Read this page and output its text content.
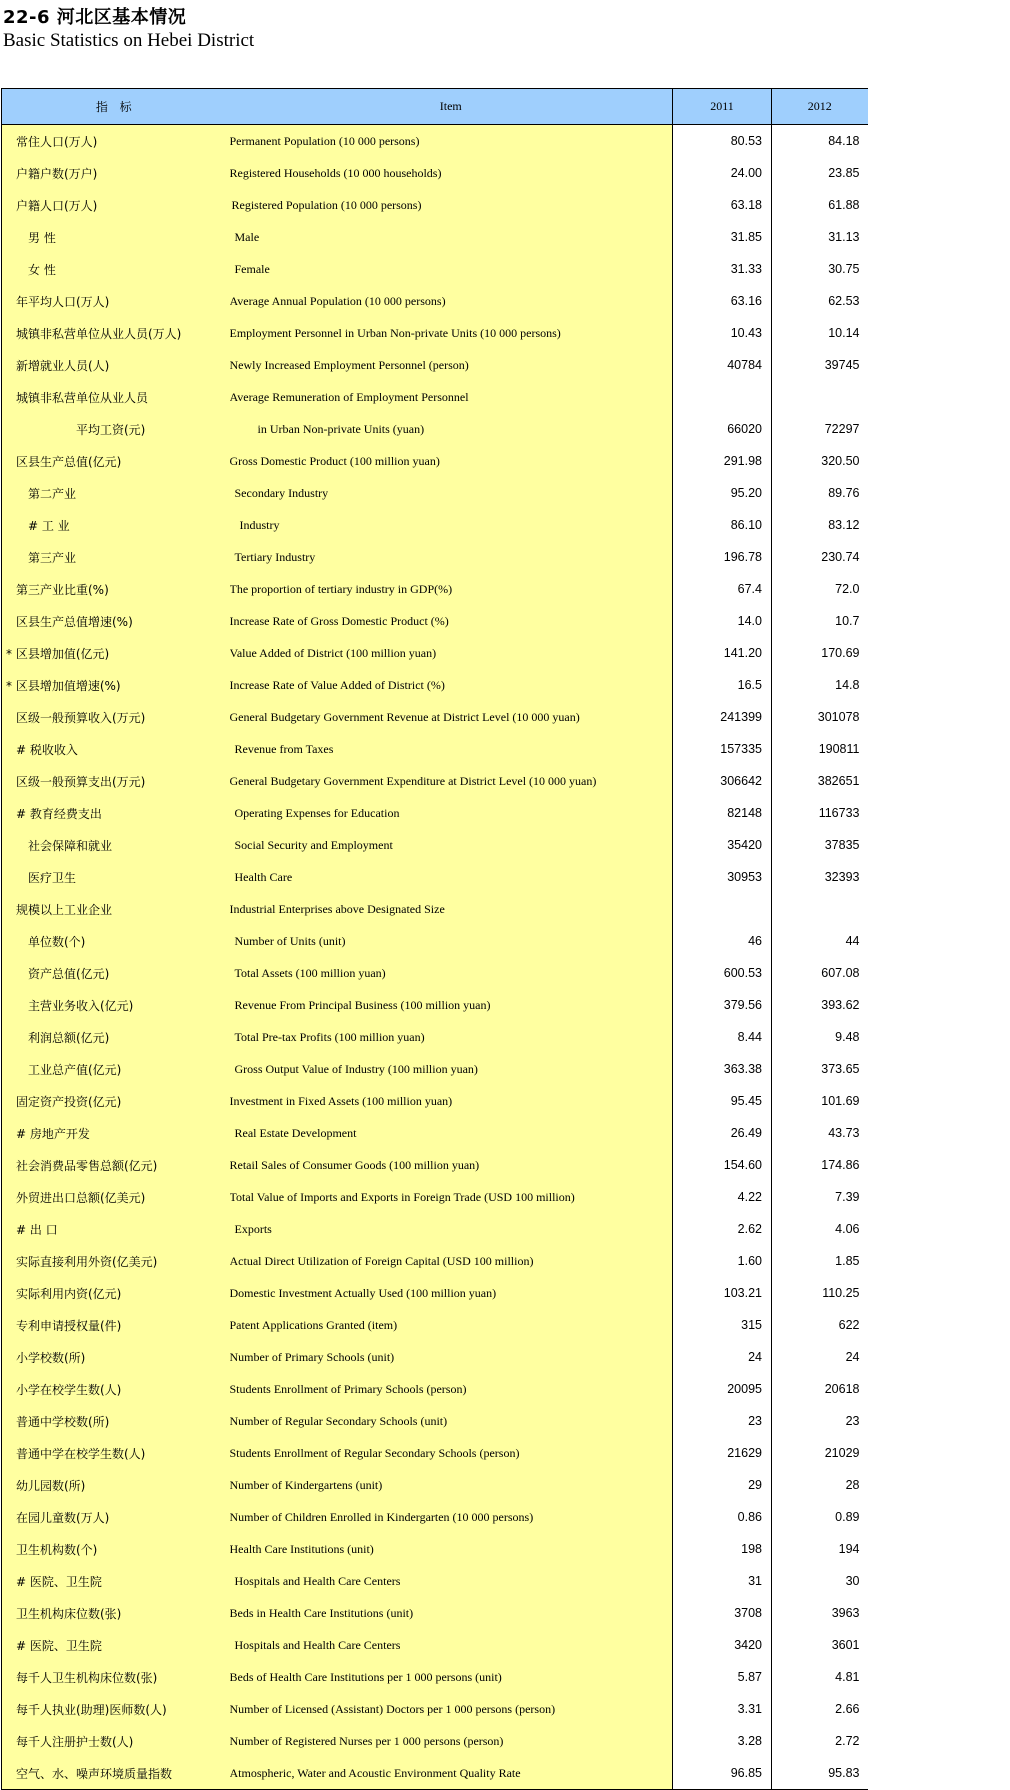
22-6 河北区基本情况
Basic Statistics on Hebei District
指 标	Item	2011	2012
常住人口(万人)	Permanent Population (10 000 persons)	80.53	84.18
户籍户数(万户)	Registered Households (10 000 households)	24.00	23.85
户籍人口(万人)	Registered Population (10 000 persons)	63.18	61.88
男 性	Male	31.85	31.13
女 性	Female	31.33	30.75
年平均人口(万人)	Average Annual Population (10 000 persons)	63.16	62.53
城镇非私营单位从业人员(万人)	Employment Personnel in Urban Non-private Units (10 000 persons)	10.43	10.14
新增就业人员(人)	Newly Increased Employment Personnel (person)	40784	39745
城镇非私营单位从业人员	Average Remuneration of Employment Personnel		
平均工资(元)	in Urban Non-private Units (yuan)	66020	72297
区县生产总值(亿元)	Gross Domestic Product (100 million yuan)	291.98	320.50
第二产业	Secondary Industry	95.20	89.76
# 工 业	Industry	86.10	83.12
第三产业	Tertiary Industry	196.78	230.74
第三产业比重(%)	The proportion of tertiary industry in GDP(%)	67.4	72.0
区县生产总值增速(%)	Increase Rate of Gross Domestic Product (%)	14.0	10.7
* 区县增加值(亿元)	Value Added of District (100 million yuan)	141.20	170.69
* 区县增加值增速(%)	Increase Rate of Value Added of District (%)	16.5	14.8
区级一般预算收入(万元)	General Budgetary Government Revenue at District Level (10 000 yuan)	241399	301078
# 税收收入	Revenue from Taxes	157335	190811
区级一般预算支出(万元)	General Budgetary Government Expenditure at District Level (10 000 yuan)	306642	382651
# 教育经费支出	Operating Expenses for Education	82148	116733
社会保障和就业	Social Security and Employment	35420	37835
医疗卫生	Health Care	30953	32393
规模以上工业企业	Industrial Enterprises above Designated Size		
单位数(个)	Number of Units (unit)	46	44
资产总值(亿元)	Total Assets (100 million yuan)	600.53	607.08
主营业务收入(亿元)	Revenue From Principal Business (100 million yuan)	379.56	393.62
利润总额(亿元)	Total Pre-tax Profits (100 million yuan)	8.44	9.48
工业总产值(亿元)	Gross Output Value of Industry (100 million yuan)	363.38	373.65
固定资产投资(亿元)	Investment in Fixed Assets (100 million yuan)	95.45	101.69
# 房地产开发	Real Estate Development	26.49	43.73
社会消费品零售总额(亿元)	Retail Sales of Consumer Goods (100 million yuan)	154.60	174.86
外贸进出口总额(亿美元)	Total Value of Imports and Exports in Foreign Trade (USD 100 million)	4.22	7.39
# 出 口	Exports	2.62	4.06
实际直接利用外资(亿美元)	Actual Direct Utilization of Foreign Capital (USD 100 million)	1.60	1.85
实际利用内资(亿元)	Domestic Investment Actually Used (100 million yuan)	103.21	110.25
专利申请授权量(件)	Patent Applications Granted (item)	315	622
小学校数(所)	Number of Primary Schools (unit)	24	24
小学在校学生数(人)	Students Enrollment of Primary Schools (person)	20095	20618
普通中学校数(所)	Number of Regular Secondary Schools (unit)	23	23
普通中学在校学生数(人)	Students Enrollment of Regular Secondary Schools (person)	21629	21029
幼儿园数(所)	Number of Kindergartens (unit)	29	28
在园儿童数(万人)	Number of Children Enrolled in Kindergarten (10 000 persons)	0.86	0.89
卫生机构数(个)	Health Care Institutions (unit)	198	194
# 医院、卫生院	Hospitals and Health Care Centers	31	30
卫生机构床位数(张)	Beds in Health Care Institutions (unit)	3708	3963
# 医院、卫生院	Hospitals and Health Care Centers	3420	3601
每千人卫生机构床位数(张)	Beds of Health Care Institutions per 1 000 persons (unit)	5.87	4.81
每千人执业(助理)医师数(人)	Number of Licensed (Assistant) Doctors per 1 000 persons (person)	3.31	2.66
每千人注册护士数(人)	Number of Registered Nurses per 1 000 persons (person)	3.28	2.72
空气、水、噪声环境质量指数	Atmospheric, Water and Acoustic Environment Quality Rate	96.85	95.83
